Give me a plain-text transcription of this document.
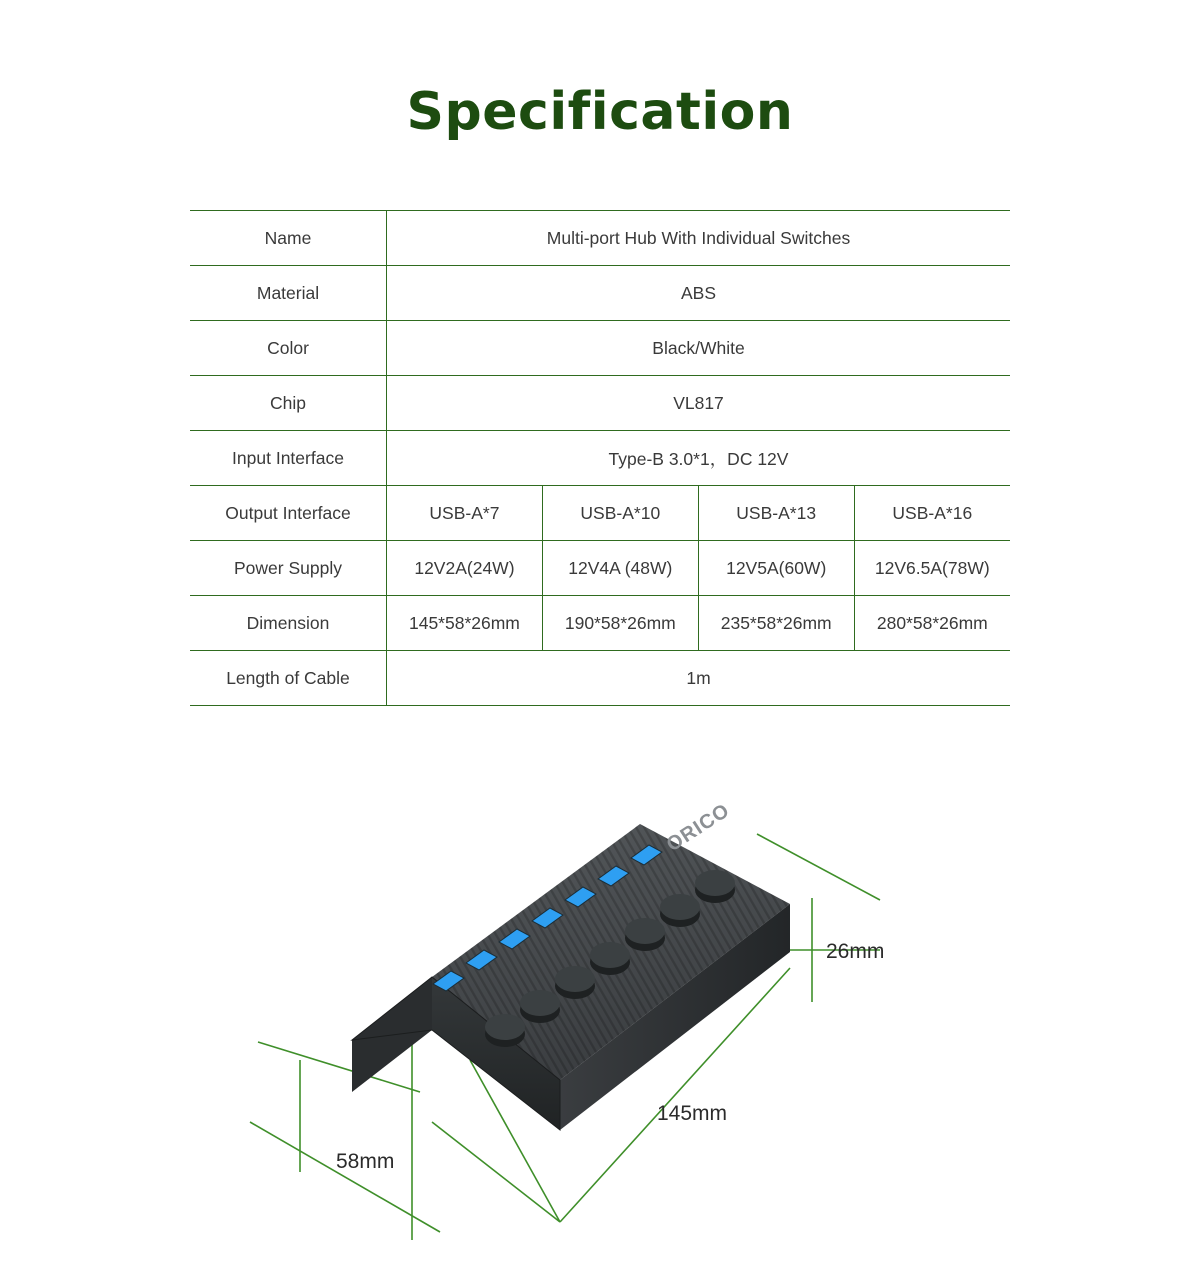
Specification
Name	Multi-port Hub With Individual Switches			
Material	ABS			
Color	Black/White			
Chip	VL817			
Input Interface	Type-B 3.0*1，DC 12V			
Output Interface	USB-A*7	USB-A*10	USB-A*13	USB-A*16
Power Supply	12V2A(24W)	12V4A (48W)	12V5A(60W)	12V6.5A(78W)
Dimension	145*58*26mm	190*58*26mm	235*58*26mm	280*58*26mm
Length of Cable	1m			
ORICO
26mm
145mm
58mm
